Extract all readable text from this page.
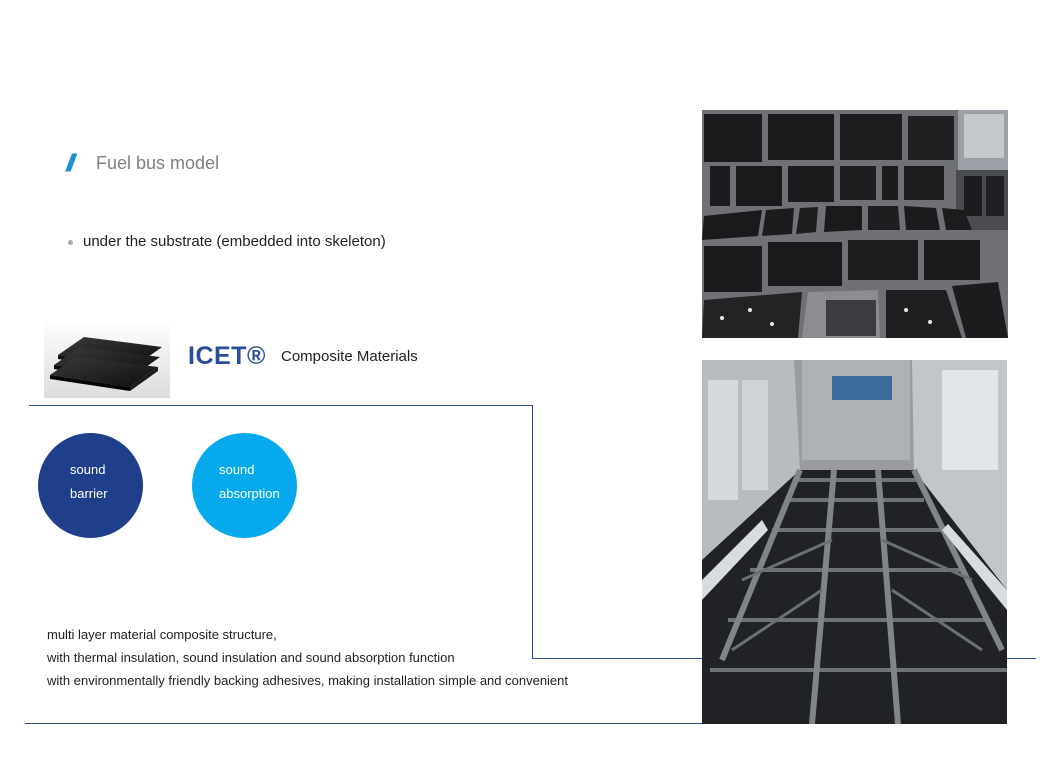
// Fuel bus model
under the substrate (embedded into skeleton)
ICET® Composite Materials
sound
barrier
sound
absorption
multi layer material composite structure,
with thermal insulation, sound insulation and sound absorption function
with environmentally friendly backing adhesives, making installation simple and convenient
